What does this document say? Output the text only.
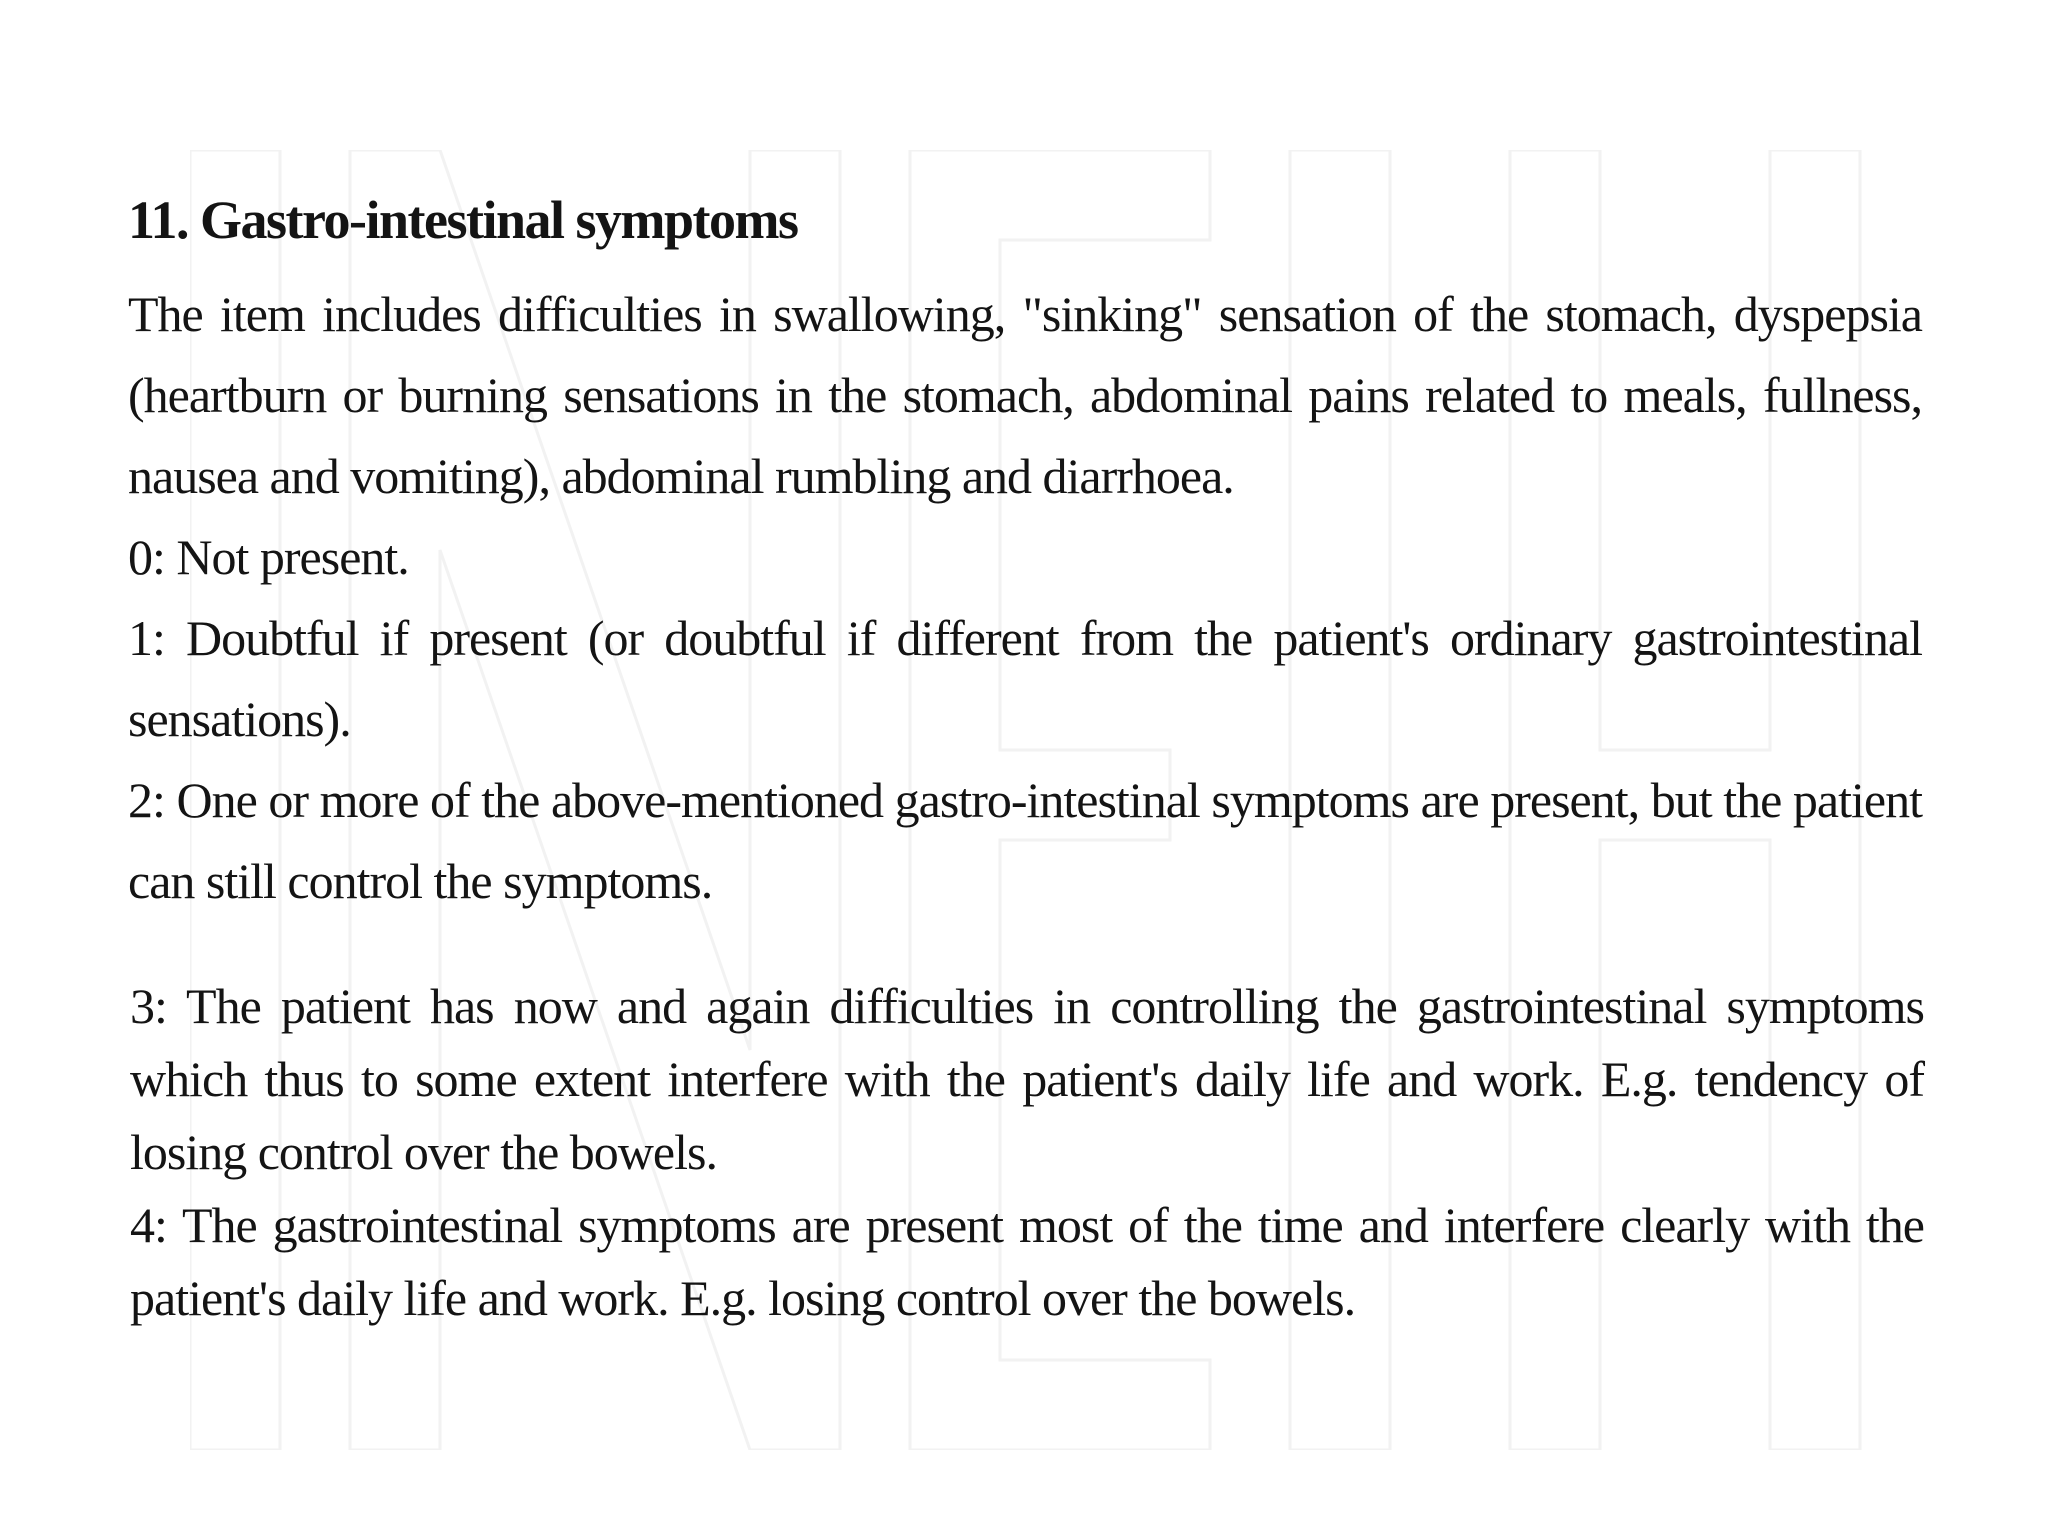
11. Gastro-intestinal symptoms

The item includes difficulties in swallowing, "sinking" sensation of the stomach, dyspepsia (heartburn or burning sensations in the stomach, abdominal pains related to meals, fullness, nausea and vomiting), abdominal rumbling and diarrhoea.

0: Not present.

1: Doubtful if present (or doubtful if different from the patient's ordinary gastrointestinal sensations).

2: One or more of the above-mentioned gastro-intestinal symptoms are present, but the patient can still control the symptoms.

3: The patient has now and again difficulties in controlling the gastrointestinal symptoms which thus to some extent interfere with the patient's daily life and work. E.g. tendency of losing control over the bowels.

4: The gastrointestinal symptoms are present most of the time and interfere clearly with the patient's daily life and work. E.g. losing control over the bowels.
